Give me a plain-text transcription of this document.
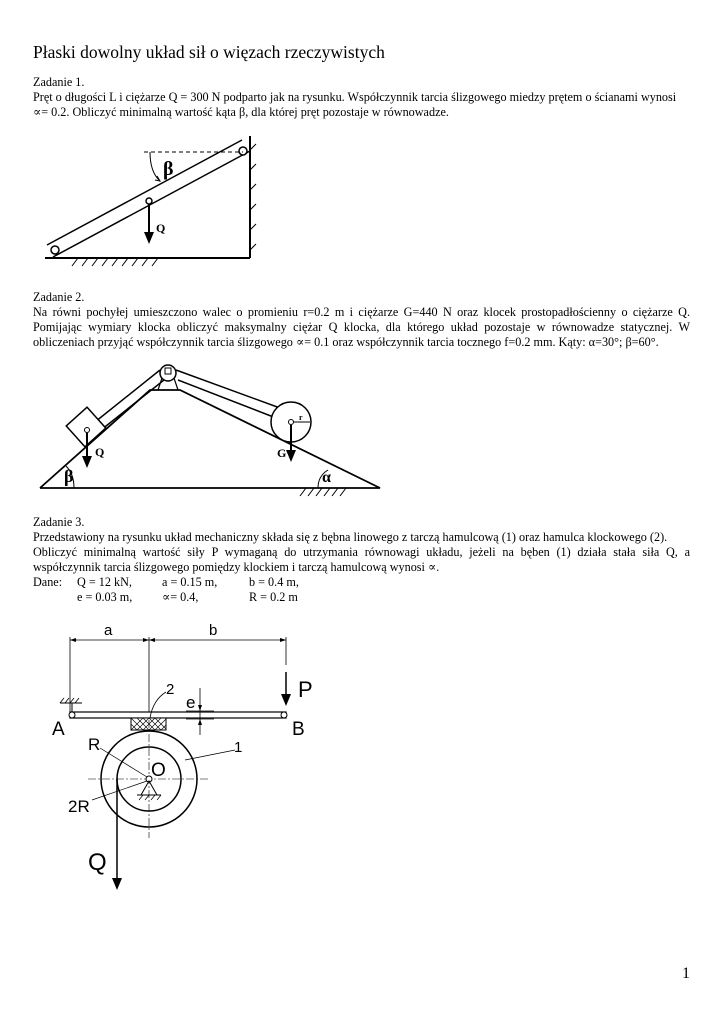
Płaski dowolny układ sił o więzach rzeczywistych
Zadanie 1.
Pręt o długości L i ciężarze Q = 300 N podparto jak na rysunku. Współczynnik tarcia ślizgowego miedzy prętem o ścianami wynosi
∝= 0.2. Obliczyć minimalną wartość kąta β, dla której pręt pozostaje w równowadze.
β
Q
Zadanie 2.
Na równi pochyłej umieszczono walec o promieniu r=0.2 m i ciężarze G=440 N oraz klocek prostopadłościenny o ciężarze Q.
Pomijając wymiary klocka obliczyć maksymalny ciężar Q klocka, dla którego układ pozostaje w równowadze statycznej. W
obliczeniach przyjąć współczynnik tarcia ślizgowego ∝= 0.1 oraz współczynnik tarcia tocznego f=0.2 mm. Kąty: α=30°; β=60°.
Q	G
r
α
β
Zadanie 3.
Przedstawiony na rysunku układ mechaniczny składa się z bębna linowego z tarczą hamulcową (1) oraz hamulca klockowego (2).
Obliczyć minimalną wartość siły P wymaganą do utrzymania równowagi układu, jeżeli na bęben (1) działa stała siła Q, a
współczynnik tarcia ślizgowego pomiędzy klockiem i tarczą hamulcową wynosi ∝.
Dane: Q = 12 kN, a = 0.15 m,	b = 0.4 m,
e = 0.03 m, ∝= 0.4,	R = 0.2 m
a	b
2
e
P
A	B
R	1
O
2R
Q
1
